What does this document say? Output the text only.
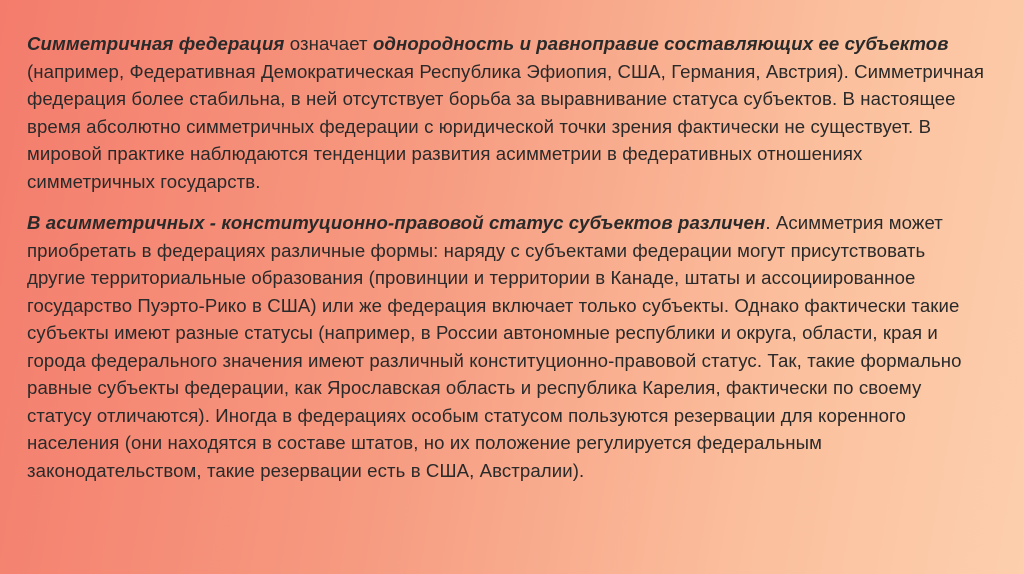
Симметричная федерация означает однородность и равноправие составляющих ее субъектов (например, Федеративная Демократическая Республика Эфиопия, США, Германия, Австрия). Симметричная федерация более стабильна, в ней отсутствует борьба за выравнивание статуса субъектов. В настоящее время абсолютно симметричных федерации с юридической точки зрения фактически не существует. В мировой практике наблюдаются тенденции развития асимметрии в федеративных отношениях симметричных государств.

В асимметричных - конституционно-правовой статус субъектов различен. Асимметрия может приобретать в федерациях различные формы: наряду с субъектами федерации могут присутствовать другие территориальные образования (провинции и территории в Канаде, штаты и ассоциированное государство Пуэрто-Рико в США) или же федерация включает только субъекты. Однако фактически такие субъекты имеют разные статусы (например, в России автономные республики и округа, области, края и города федерального значения имеют различный конституционно-правовой статус. Так, такие формально равные субъекты федерации, как Ярославская область и республика Карелия, фактически по своему статусу отличаются). Иногда в федерациях особым статусом пользуются резервации для коренного населения (они находятся в составе штатов, но их положение регулируется федеральным законодательством, такие резервации есть в США, Австралии).
